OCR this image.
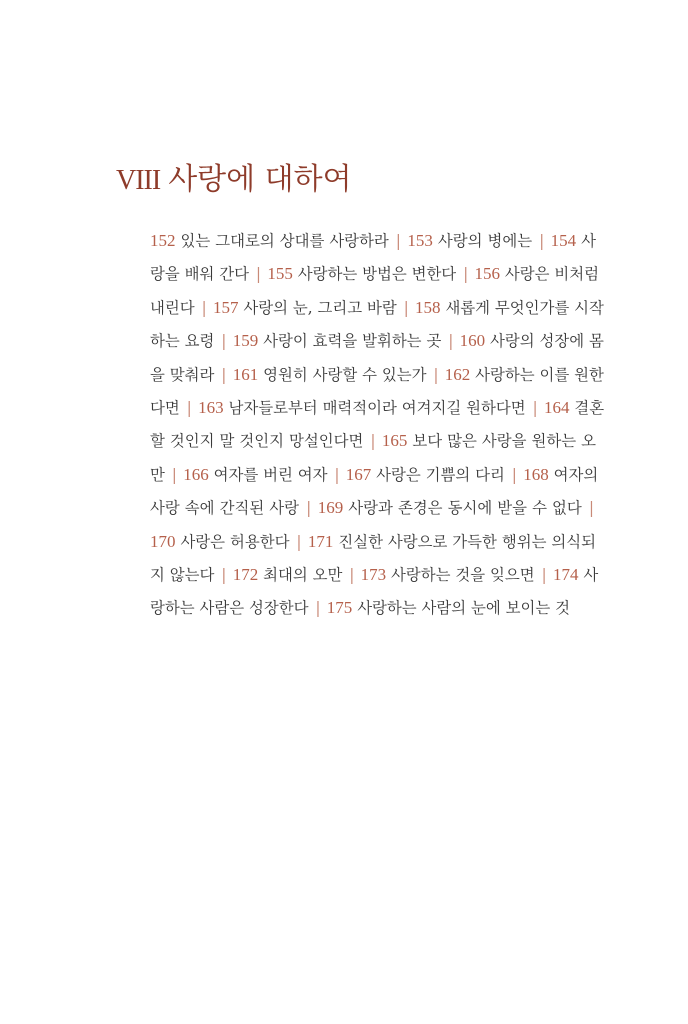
VIII 사랑에 대하여
152 있는 그대로의 상대를 사랑하라 | 153 사랑의 병에는 | 154 사
랑을 배워 간다 | 155 사랑하는 방법은 변한다 | 156 사랑은 비처럼
내린다 | 157 사랑의 눈, 그리고 바람 | 158 새롭게 무엇인가를 시작
하는 요령 | 159 사랑이 효력을 발휘하는 곳 | 160 사랑의 성장에 몸
을 맞춰라 | 161 영원히 사랑할 수 있는가 | 162 사랑하는 이를 원한
다면 | 163 남자들로부터 매력적이라 여겨지길 원하다면 | 164 결혼
할 것인지 말 것인지 망설인다면 | 165 보다 많은 사랑을 원하는 오
만 | 166 여자를 버린 여자 | 167 사랑은 기쁨의 다리 | 168 여자의
사랑 속에 간직된 사랑 | 169 사랑과 존경은 동시에 받을 수 없다 |
170 사랑은 허용한다 | 171 진실한 사랑으로 가득한 행위는 의식되
지 않는다 | 172 최대의 오만 | 173 사랑하는 것을 잊으면 | 174 사
랑하는 사람은 성장한다 | 175 사랑하는 사람의 눈에 보이는 것
